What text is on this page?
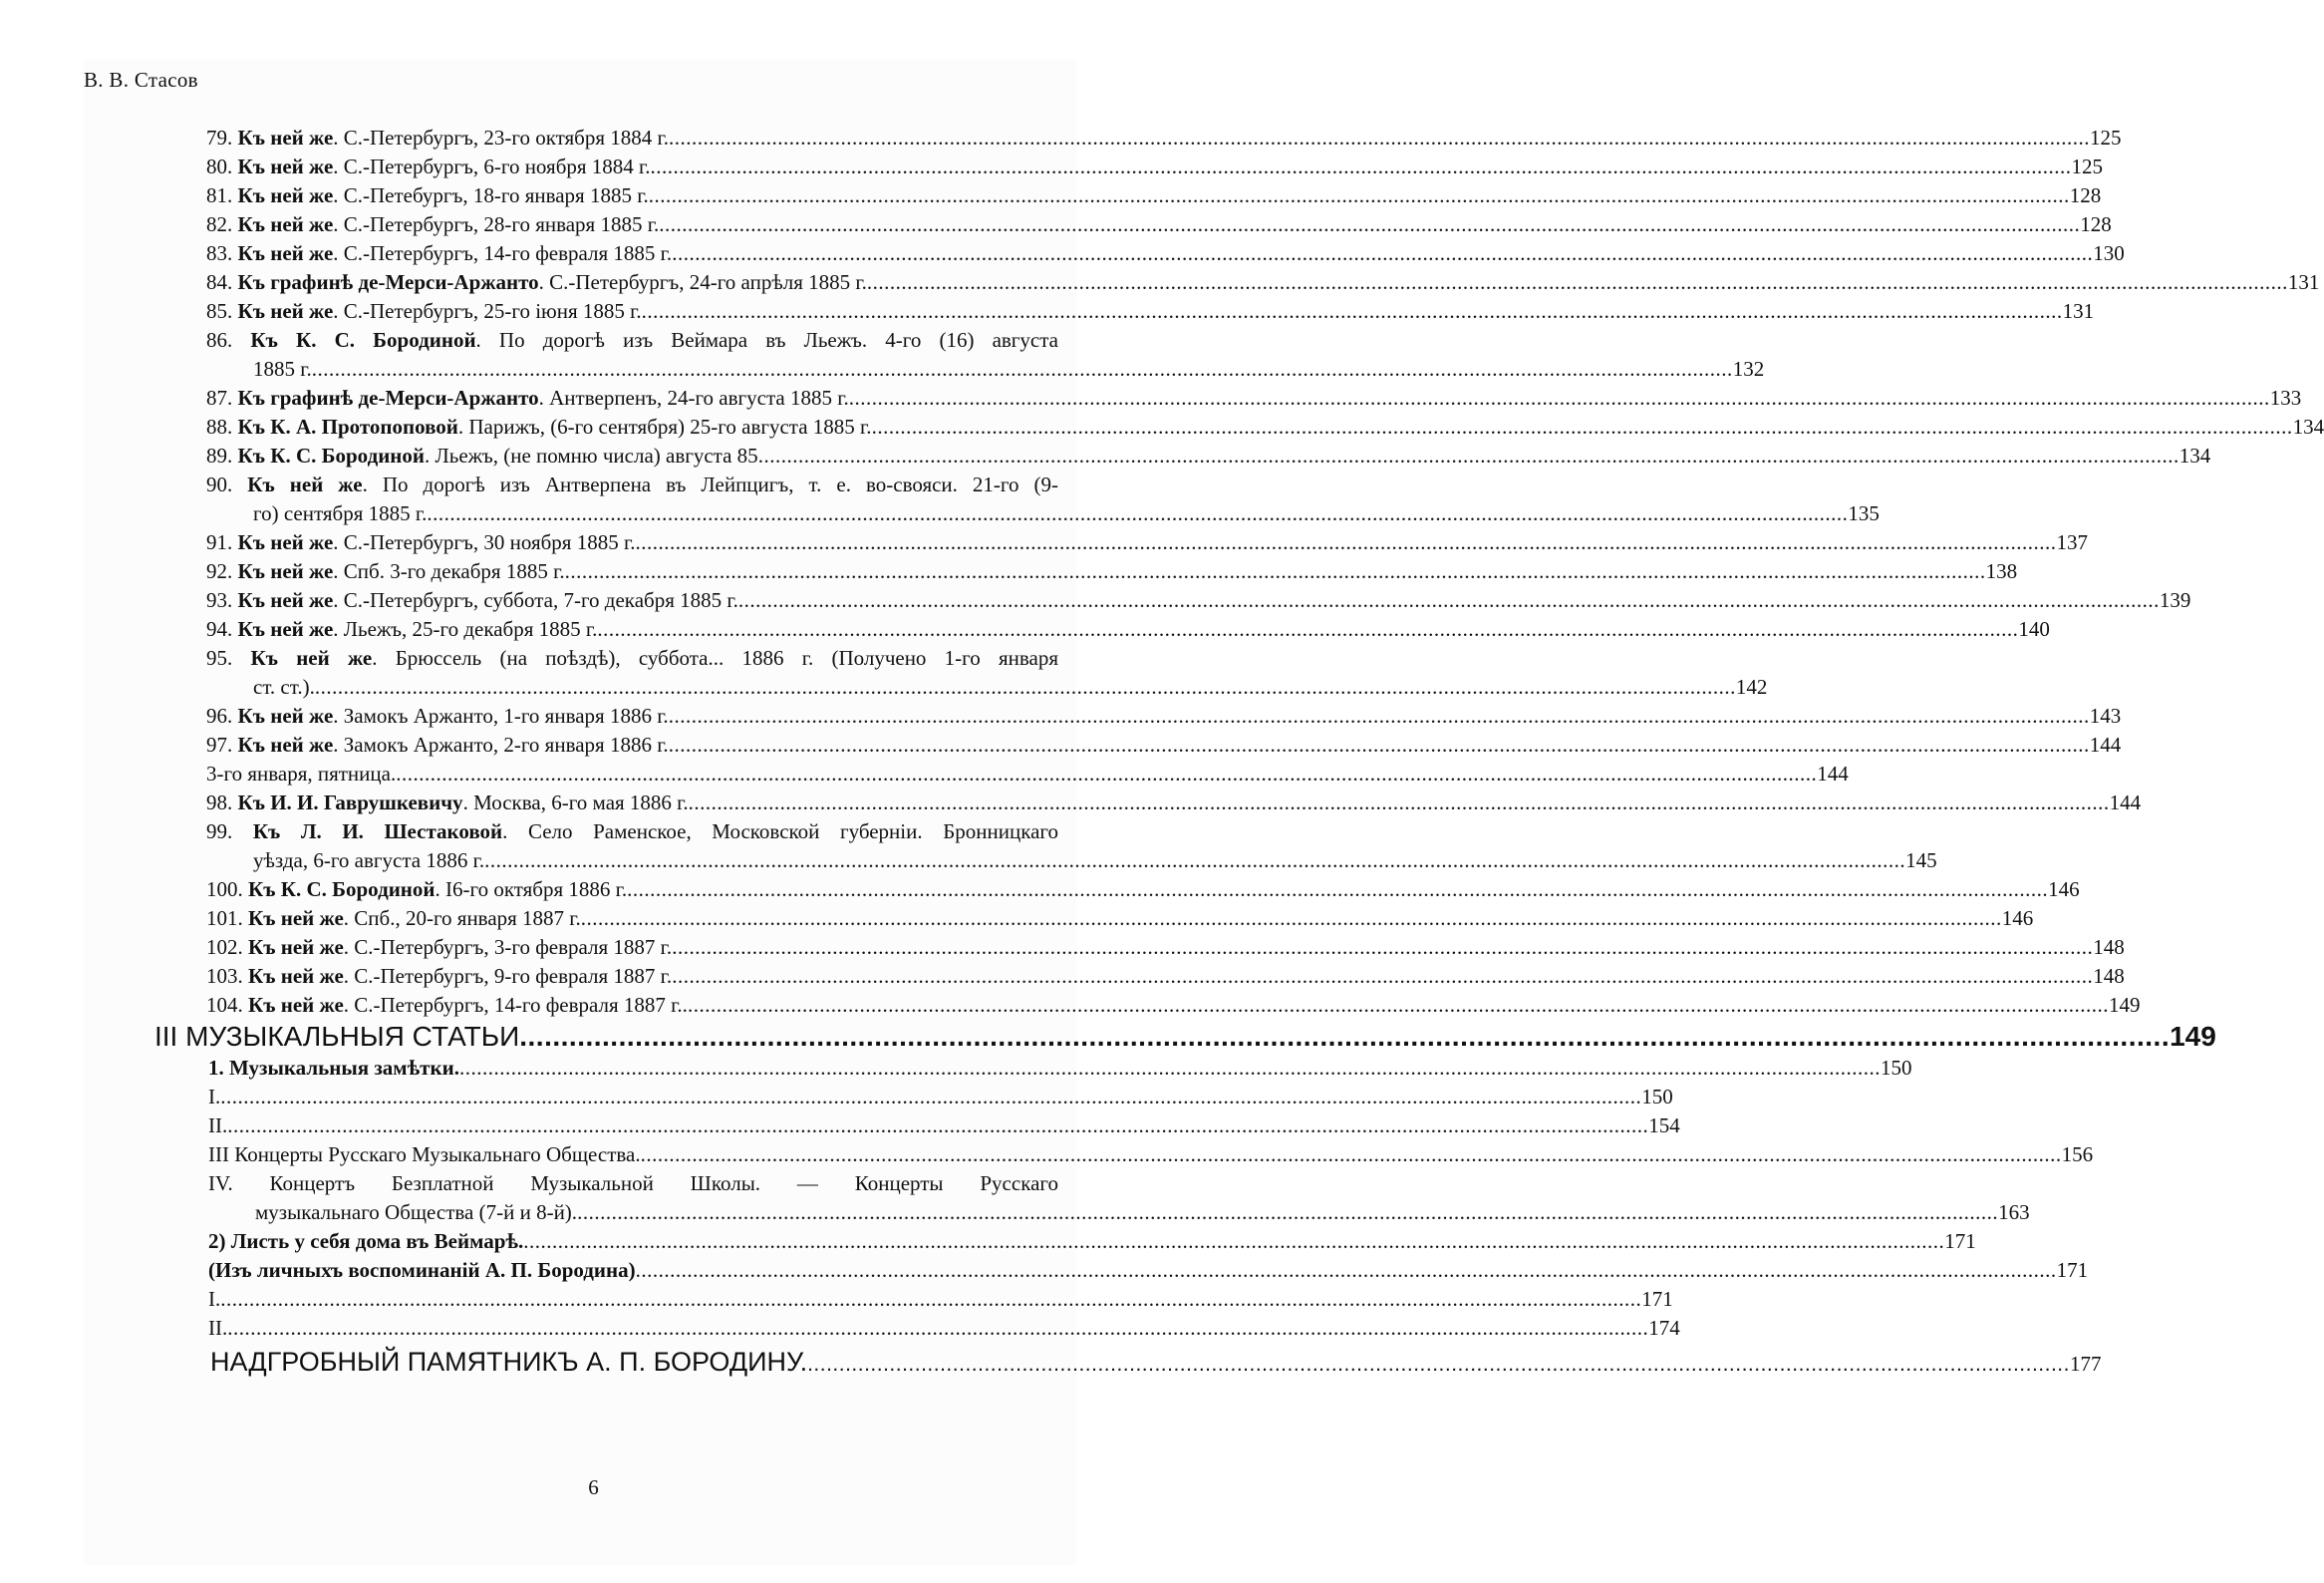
В. В. Стасов
79. Къ ней же. С.-Петербургъ, 23-го октября 1884 г. .....	125
80. Къ ней же. С.-Петербургъ, 6-го ноября 1884 г. .....	125
81. Къ ней же. С.-Петебургъ, 18-го января 1885 г. .....	128
82. Къ ней же. С.-Петербургъ, 28-го января 1885 г. .....	128
83. Къ ней же. С.-Петербургъ, 14-го февраля 1885 г. .....	130
84. Къ графинѣ де-Мерси-Аржанто. С.-Петербургъ, 24-го апрѣля 1885 г. .....	131
85. Къ ней же. С.-Петербургъ, 25-го іюня 1885 г. .....	131
86. Къ К. С. Бородиной. По дорогѣ изъ Веймара въ Льежъ. 4-го (16) августа
1885 г. .....	132
87. Къ графинѣ де-Мерси-Аржанто. Антверпенъ, 24-го августа 1885 г. .....	133
88. Къ К. А. Протопоповой. Парижъ, (6-го сентября) 25-го августа 1885 г. .....	134
89. Къ К. С. Бородиной. Льежъ, (не помню числа) августа 85 .....	134
90. Къ ней же. По дорогѣ изъ Антверпена въ Лейпцигъ, т. е. во-свояси. 21-го (9-
го) сентября 1885 г. .....	135
91. Къ ней же. С.-Петербургъ, 30 ноября 1885 г. .....	137
92. Къ ней же. Спб. 3-го декабря 1885 г. .....	138
93. Къ ней же. С.-Петербургъ, суббота, 7-го декабря 1885 г. .....	139
94. Къ ней же. Льежъ, 25-го декабря 1885 г. .....	140
95. Къ ней же. Брюссель (на поѣздѣ), суббота... 1886 г. (Получено 1-го января
ст. ст.). .....	142
96. Къ ней же. Замокъ Аржанто, 1-го января 1886 г. .....	143
97. Къ ней же. Замокъ Аржанто, 2-го января 1886 г. .....	144
3-го января, пятница. .....	144
98. Къ И. И. Гаврушкевичу. Москва, 6-го мая 1886 г. .....	144
99. Къ Л. И. Шестаковой. Село Раменское, Московской губерніи. Бронницкаго
уѣзда, 6-го августа 1886 г. .....	145
100. Къ К. С. Бородиной. І6-го октября 1886 г. .....	146
101. Къ ней же. Спб., 20-го января 1887 г. .....	146
102. Къ ней же. С.-Петербургъ, 3-го февраля 1887 г. .....	148
103. Къ ней же. С.-Петербургъ, 9-го февраля 1887 г. .....	148
104. Къ ней же. С.-Петербургъ, 14-го февраля 1887 г.. .....	149
III МУЗЫКАЛЬНЫЯ СТАТЬИ .....	149
1. Музыкальныя замѣтки. .....	150
I. .....	150
II. .....	154
III Концерты Русскаго Музыкальнаго Общества. .....	156
IV. Концертъ Безплатной Музыкальной Школы. — Концерты Русскаго
музыкальнаго Общества (7-й и 8-й). .....	163
2) Листь у себя дома въ Веймарѣ. .....	171
(Изъ личныхъ воспоминаній А. П. Бородина) .....	171
I. .....	171
II. .....	174
НАДГРОБНЫЙ ПАМЯТНИКЪ А. П. БОРОДИНУ. .....	177
6
